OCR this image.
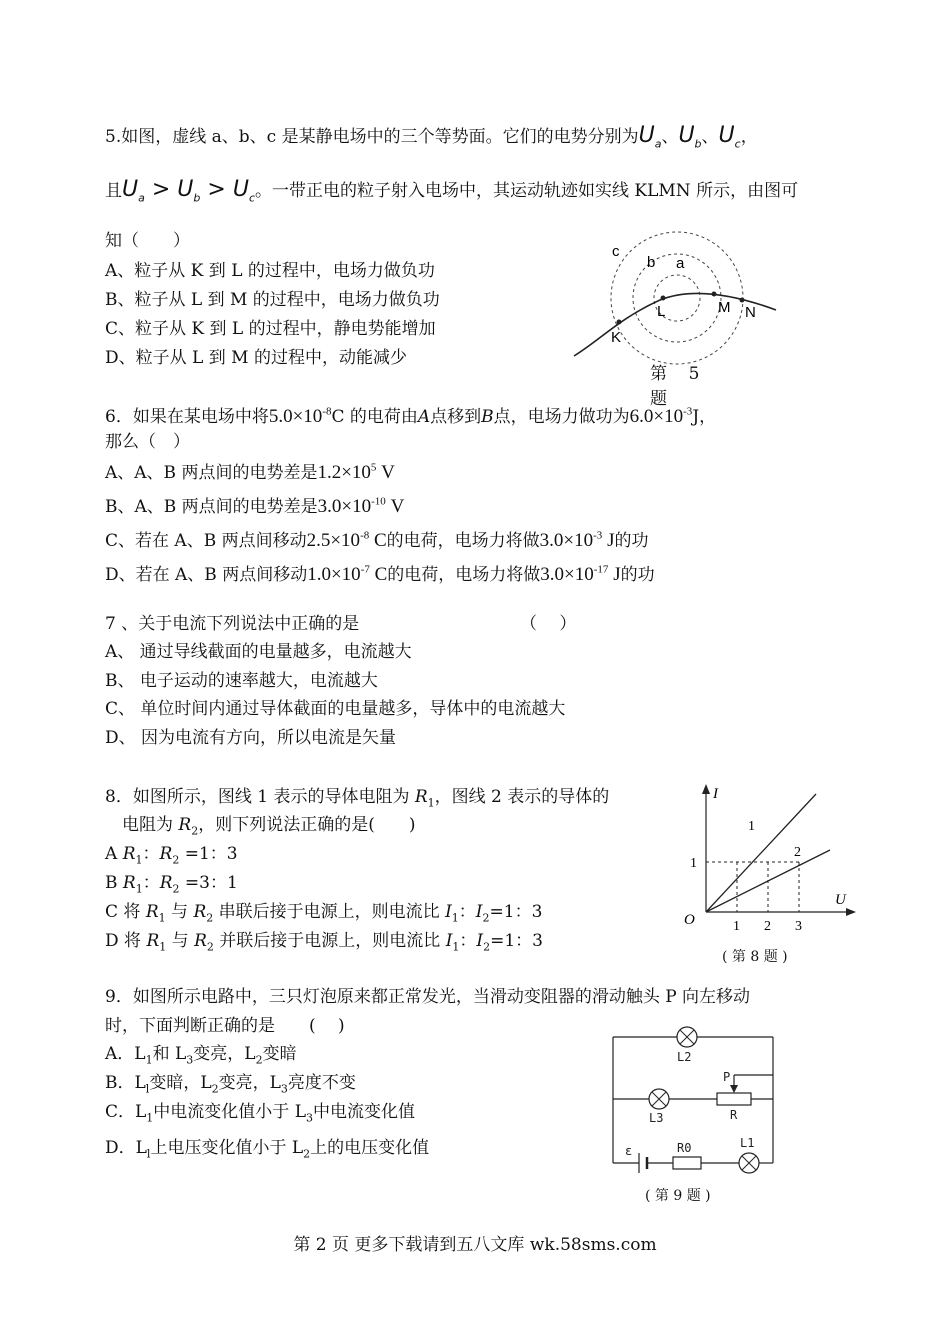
5.如图，虚线 a、b、c 是某静电场中的三个等势面。它们的电势分别为$U_a$、$U_b$、$U_c$，
且$U_a > U_b > U_c$。一带正电的粒子射入电场中，其运动轨迹如实线 KLMN 所示，由图可
知（　　）
A、粒子从 K 到 L 的过程中，电场力做负功
B、粒子从 L 到 M 的过程中，电场力做负功
C、粒子从 K 到 L 的过程中，静电势能增加
D、粒子从 L 到 M 的过程中，动能减少
c
b a
K
L	M N
第 5
题
6．如果在某电场中将$5.0\times 10^{-8}C$ 的电荷由A点移到B点，电场力做功为$6.0\times 10^{-3}J$，
那么（　）
A、A、B 两点间的电势差是$1.2\times 10^5$ V
B、A、B 两点间的电势差是$3.0\times 10^{-10}$ V
C、若在 A、B 两点间移动$2.5\times 10^{-8}$ C的电荷，电场力将做$3.0\times 10^{-3}$ J的功
D、若在 A、B 两点间移动$1.0\times 10^{-7}$ C的电荷，电场力将做$3.0\times 10^{-17}$ J的功
7 、关于电流下列说法中正确的是	（　 ）
A、 通过导线截面的电量越多，电流越大
B、 电子运动的速率越大，电流越大
C、 单位时间内通过导体截面的电量越多，导体中的电流越大
D、 因为电流有方向，所以电流是矢量
8．如图所示，图线 1 表示的导体电阻为 $R_1$，图线 2 表示的导体的
电阻为 $R_2$，则下列说法正确的是(　　)
A $R_1$：$R_2 =1$：3
B $R_1$：$R_2 =3$：1
C 将 $R_1$ 与 $R_2$ 串联后接于电源上，则电流比 $I_1$：$I_2=1$：3
D 将 $R_1$ 与 $R_2$ 并联后接于电源上，则电流比 $I_1$：$I_2=1$：3
I
U
O
1
2
1
1 2 3
( 第 8 题 )
9．如图所示电路中，三只灯泡原来都正常发光，当滑动变阻器的滑动触头 P 向左移动
时，下面判断正确的是　　(　 )
A．$L_1$和 $L_3$变亮，$L_2$变暗
B．$L_l$变暗，$L_2$变亮，$L_3$亮度不变
C．$L_1$中电流变化值小于 $L_3$中电流变化值
D．$L_l$上电压变化值小于 $L_2$上的电压变化值
L2
P
L3	R
ε	R0	L1
( 第 9 题 )
第 2 页 更多下载请到五八文库 wk.58sms.com
